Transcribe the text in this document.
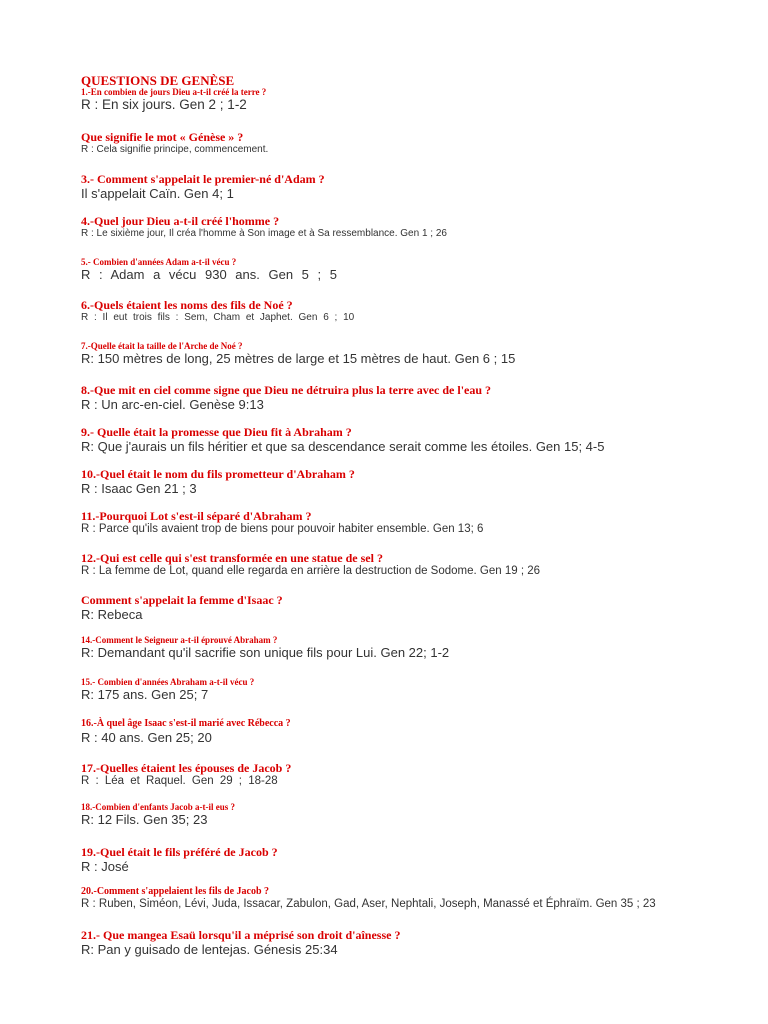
QUESTIONS DE GENÈSE
1.-En combien de jours Dieu a-t-il créé la terre ?
R : En six jours. Gen 2 ; 1-2
Que signifie le mot « Génèse » ?
R : Cela signifie principe, commencement.
3.- Comment s'appelait le premier-né d'Adam ?
Il s'appelait Caïn. Gen 4; 1
4.-Quel jour Dieu a-t-il créé l'homme ?
R : Le sixième jour, Il créa l'homme à Son image et à Sa ressemblance. Gen 1 ; 26
5.- Combien d'années Adam a-t-il vécu ?
R : Adam a vécu 930 ans. Gen 5 ; 5
6.-Quels étaient les noms des fils de Noé ?
R : Il eut trois fils : Sem, Cham et Japhet. Gen 6 ; 10
7.-Quelle était la taille de l'Arche de Noé ?
R: 150 mètres de long, 25 mètres de large et 15 mètres de haut. Gen 6 ; 15
8.-Que mit en ciel comme signe que Dieu ne détruira plus la terre avec de l'eau ?
R : Un arc-en-ciel. Genèse 9:13
9.- Quelle était la promesse que Dieu fit à Abraham ?
R: Que j'aurais un fils héritier et que sa descendance serait comme les étoiles. Gen 15; 4-5
10.-Quel était le nom du fils prometteur d'Abraham ?
R : Isaac Gen 21 ; 3
11.-Pourquoi Lot s'est-il séparé d'Abraham ?
R : Parce qu'ils avaient trop de biens pour pouvoir habiter ensemble. Gen 13; 6
12.-Qui est celle qui s'est transformée en une statue de sel ?
R : La femme de Lot, quand elle regarda en arrière la destruction de Sodome. Gen 19 ; 26
Comment s'appelait la femme d'Isaac ?
R: Rebeca
14.-Comment le Seigneur a-t-il éprouvé Abraham ?
R: Demandant qu'il sacrifie son unique fils pour Lui. Gen 22; 1-2
15.- Combien d'années Abraham a-t-il vécu ?
R: 175 ans. Gen 25; 7
16.-À quel âge Isaac s'est-il marié avec Rébecca ?
R : 40 ans. Gen 25; 20
17.-Quelles étaient les épouses de Jacob ?
R : Léa et Raquel. Gen 29 ; 18-28
18.-Combien d'enfants Jacob a-t-il eus ?
R: 12 Fils. Gen 35; 23
19.-Quel était le fils préféré de Jacob ?
R : José
20.-Comment s'appelaient les fils de Jacob ?
R : Ruben, Siméon, Lévi, Juda, Issacar, Zabulon, Gad, Aser, Nephtali, Joseph, Manassé et Éphraïm. Gen 35 ; 23
21.- Que mangea Esaü lorsqu'il a méprisé son droit d'aînesse ?
R: Pan y guisado de lentejas. Génesis 25:34
